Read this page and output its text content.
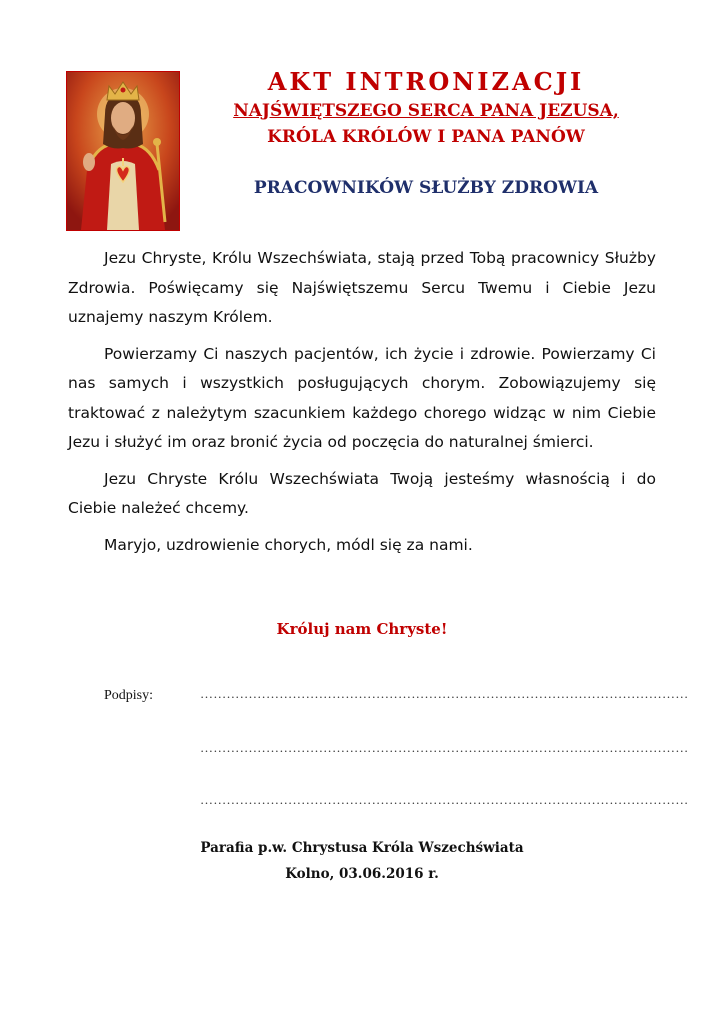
AKT INTRONIZACJI

NAJŚWIĘTSZEGO SERCA PANA JEZUSA,

KRÓLA KRÓLÓW I PANA PANÓW

PRACOWNIKÓW SŁUŻBY ZDROWIA

Jezu Chryste, Królu Wszechświata, stają przed Tobą pracownicy Służby Zdrowia. Poświęcamy się Najświętszemu Sercu Twemu i Ciebie Jezu uznajemy naszym Królem.

Powierzamy Ci naszych pacjentów, ich życie i zdrowie. Powierzamy Ci nas samych i wszystkich posługujących chorym. Zobowiązujemy się traktować z należytym szacunkiem każdego chorego widząc w nim Ciebie Jezu i służyć im oraz bronić życia od poczęcia do naturalnej śmierci.

Jezu Chryste Królu Wszechświata Twoją jesteśmy własnością i do Ciebie należeć chcemy.

Maryjo, uzdrowienie chorych, módl się za nami.

Króluj nam Chryste!
Podpisy:	…………………………………………………………………………………………………
…………………………………………………………………………………………………
…………………………………………………………………………………………………
Parafia p.w. Chrystusa Króla Wszechświata
Kolno, 03.06.2016 r.
